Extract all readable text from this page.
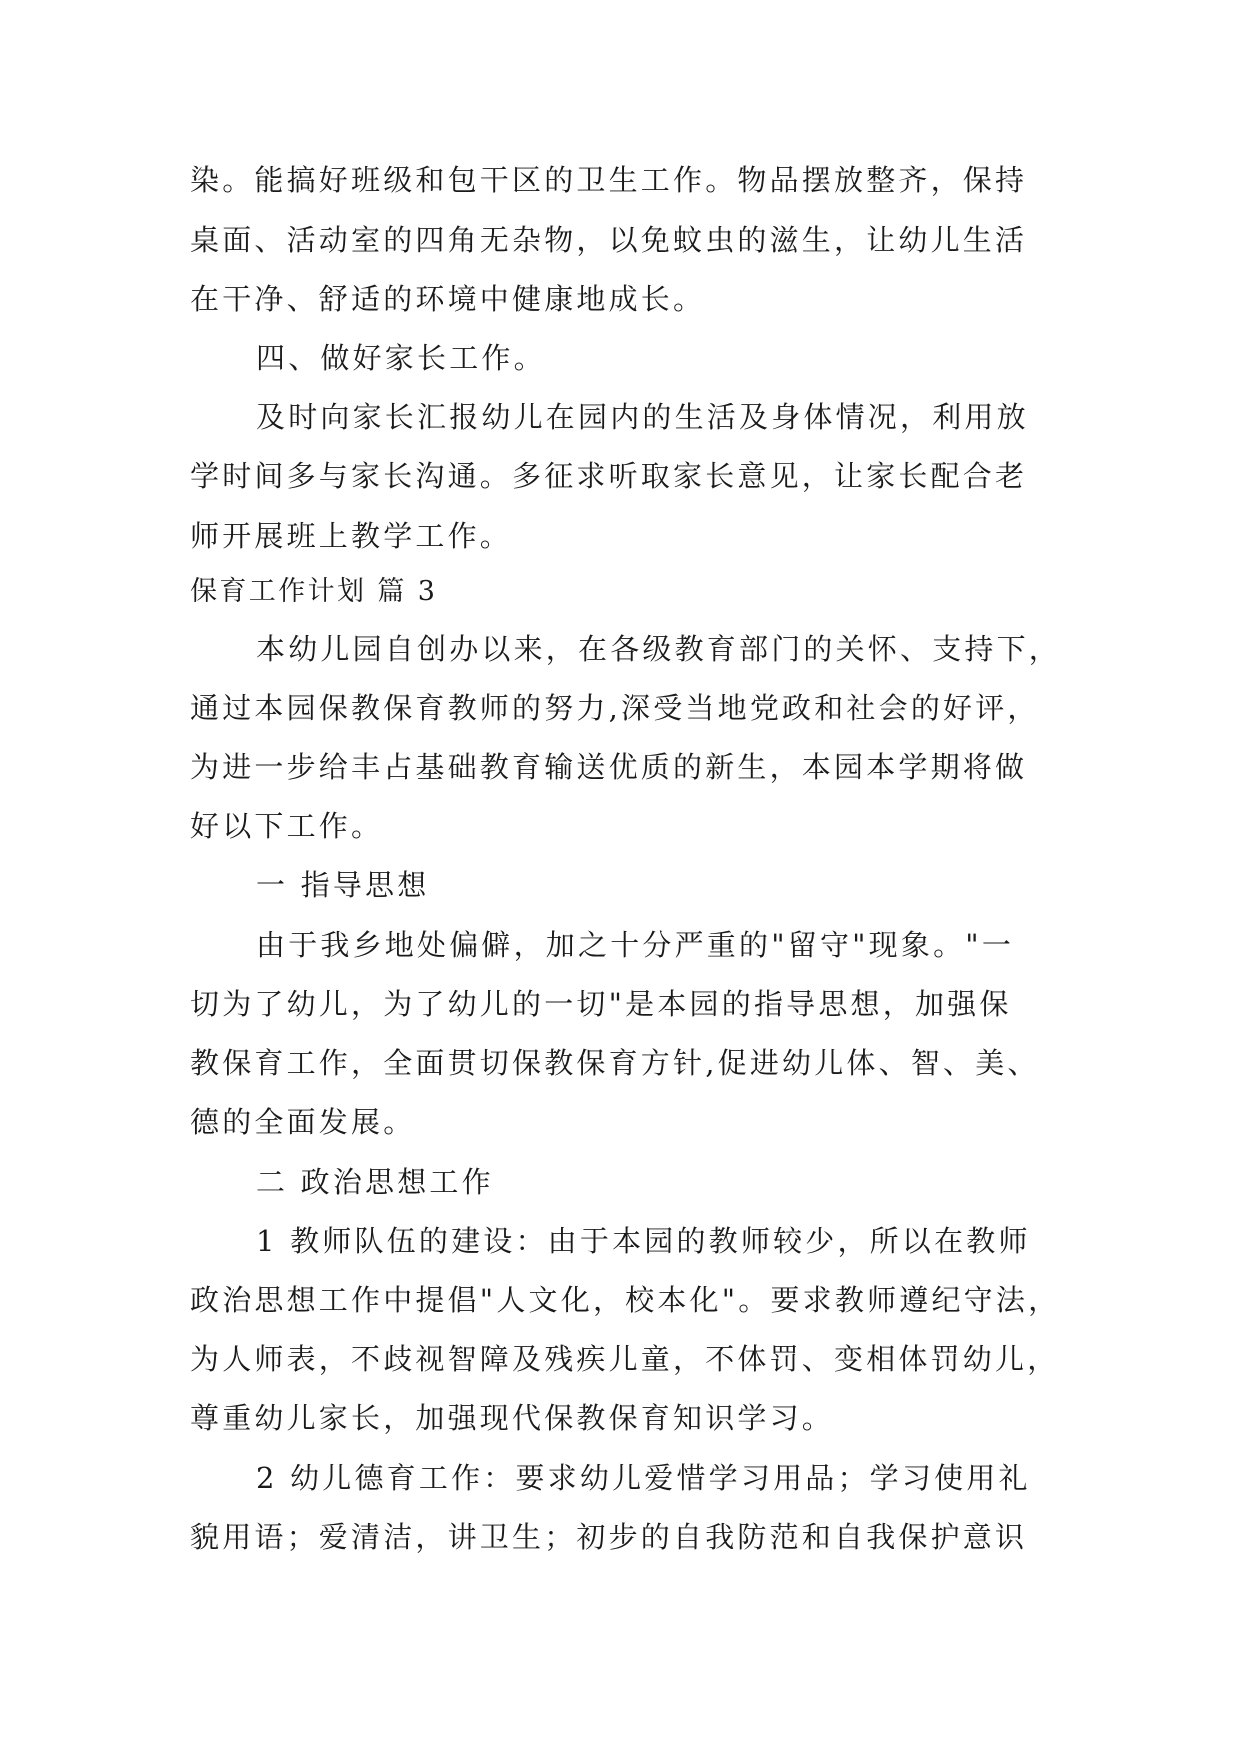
染。能搞好班级和包干区的卫生工作。物品摆放整齐，保持
桌面、活动室的四角无杂物，以免蚊虫的滋生，让幼儿生活
在干净、舒适的环境中健康地成长。
四、做好家长工作。
及时向家长汇报幼儿在园内的生活及身体情况，利用放
学时间多与家长沟通。多征求听取家长意见，让家长配合老
师开展班上教学工作。
保育工作计划 篇 3
本幼儿园自创办以来，在各级教育部门的关怀、支持下，
通过本园保教保育教师的努力,深受当地党政和社会的好评，
为进一步给丰占基础教育输送优质的新生，本园本学期将做
好以下工作。
一 指导思想
由于我乡地处偏僻，加之十分严重的"留守"现象。"一
切为了幼儿，为了幼儿的一切"是本园的指导思想，加强保
教保育工作，全面贯切保教保育方针,促进幼儿体、智、美、
德的全面发展。
二 政治思想工作
1 教师队伍的建设：由于本园的教师较少，所以在教师
政治思想工作中提倡"人文化，校本化"。要求教师遵纪守法，
为人师表，不歧视智障及残疾儿童，不体罚、变相体罚幼儿，
尊重幼儿家长，加强现代保教保育知识学习。
2 幼儿德育工作：要求幼儿爱惜学习用品；学习使用礼
貌用语；爱清洁，讲卫生；初步的自我防范和自我保护意识
